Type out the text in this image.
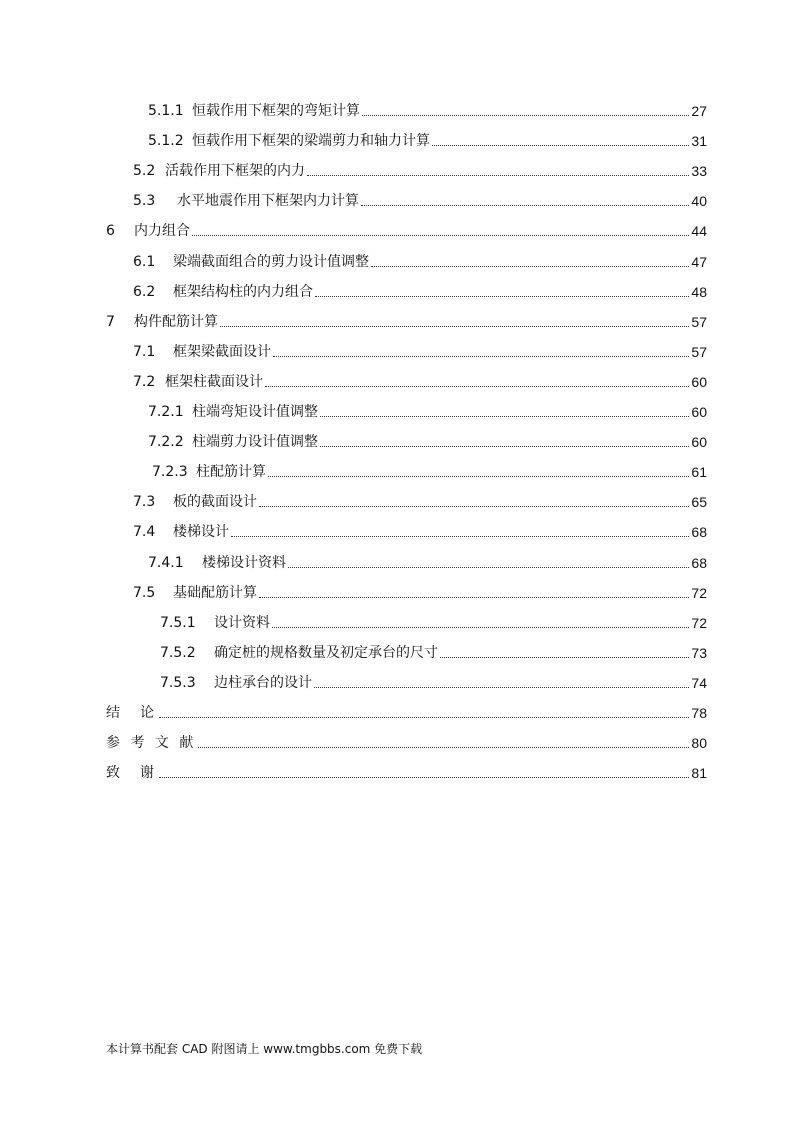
5.1.1 恒载作用下框架的弯矩计算	27
5.1.2 恒载作用下框架的梁端剪力和轴力计算	31
5.2 活载作用下框架的内力	33
5.3	水平地震作用下框架内力计算	40
6	内力组合	44
6.1	梁端截面组合的剪力设计值调整	47
6.2	框架结构柱的内力组合	48
7	构件配筋计算	57
7.1	框架梁截面设计	57
7.2 框架柱截面设计	60
7.2.1 柱端弯矩设计值调整	60
7.2.2 柱端剪力设计值调整	60
7.2.3 柱配筋计算	61
7.3	板的截面设计	65
7.4	楼梯设计	68
7.4.1	楼梯设计资料	68
7.5	基础配筋计算	72
7.5.1	设计资料	72
7.5.2	确定桩的规格数量及初定承台的尺寸	73
7.5.3	边柱承台的设计	74
结　论	78
参 考 文 献	80
致　谢	81
本计算书配套 CAD 附图请上 www.tmgbbs.com 免费下载
